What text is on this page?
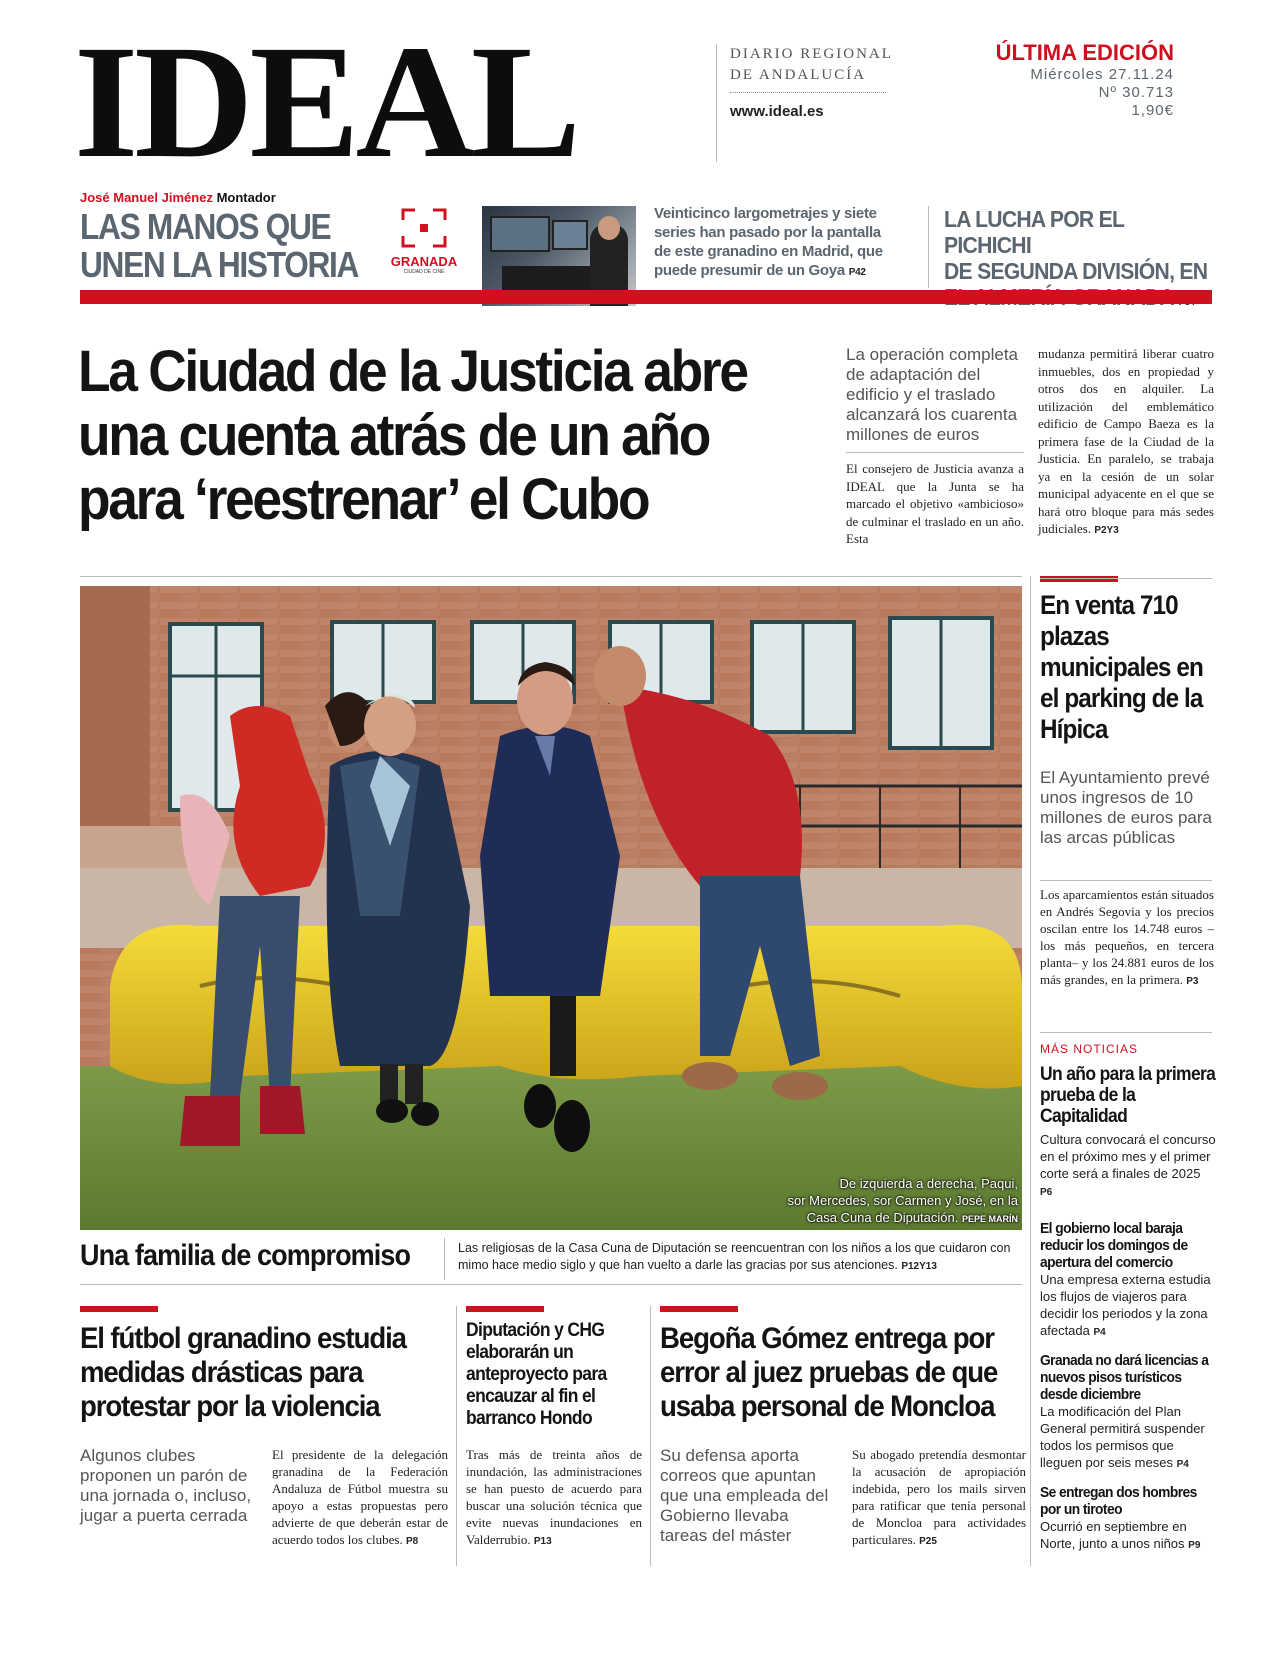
IDEAL	DIARIO REGIONAL
DE ANDALUCÍA
www.ideal.es
ÚLTIMA EDICIÓN
Miércoles 27.11.24
Nº 30.713
1,90€
José Manuel Jiménez Montador
LAS MANOS QUE
UNEN LA HISTORIA	GRANADA
CIUDAD DE CINE
Veinticinco largometrajes y siete series han pasado por la pantalla de este granadino en Madrid, que puede presumir de un Goya P42
LA LUCHA POR EL PICHICHI
DE SEGUNDA DIVISIÓN, EN
La Ciudad de la Justicia abre
una cuenta atrás de un año
para ‘reestrenar’ el Cubo
La operación completa de adaptación del edificio y el traslado alcanzará los cuarenta millones de euros
El consejero de Justicia avanza a IDEAL que la Junta se ha marcado el objetivo «ambicioso» de culminar el traslado en un año. Esta
mudanza permitirá liberar cuatro inmuebles, dos en propiedad y otros dos en alquiler. La utilización del emblemático edificio de Campo Baeza es la primera fase de la Ciudad de la Justicia. En paralelo, se trabaja ya en la cesión de un solar municipal adyacente en el que se hará otro bloque para más sedes judiciales. P2Y3
De izquierda a derecha, Paqui,
sor Mercedes, sor Carmen y José, en la
Casa Cuna de Diputación. PEPE MARÍN
Una familia de compromiso	Las religiosas de la Casa Cuna de Diputación se reencuentran con los niños a los que cuidaron con mimo hace medio siglo y que han vuelto a darle las gracias por sus atenciones. P12Y13
En venta 710 plazas municipales en el parking de la Hípica
El Ayuntamiento prevé unos ingresos de 10 millones de euros para las arcas públicas
Los aparcamientos están situados en Andrés Segovia y los precios oscilan entre los 14.748 euros –los más pequeños, en tercera planta– y los 24.881 euros de los más grandes, en la primera. P3
MÁS NOTICIAS
Un año para la primera prueba de la Capitalidad
Cultura convocará el concurso en el próximo mes y el primer corte será a finales de 2025 P6
El gobierno local baraja reducir los domingos de apertura del comercio
Una empresa externa estudia los flujos de viajeros para decidir los periodos y la zona afectada P4
Granada no dará licencias a nuevos pisos turísticos desde diciembre
La modificación del Plan General permitirá suspender todos los permisos que lleguen por seis meses P4
Se entregan dos hombres por un tiroteo
Ocurrió en septiembre en Norte, junto a unos niños P9
El fútbol granadino estudia medidas drásticas para protestar por la violencia
Algunos clubes proponen un parón de una jornada o, incluso, jugar a puerta cerrada
El presidente de la delegación granadina de la Federación Andaluza de Fútbol muestra su apoyo a estas propuestas pero advierte de que deberán estar de acuerdo todos los clubes. P8
Diputación y CHG elaborarán un anteproyecto para encauzar al fin el barranco Hondo
Tras más de treinta años de inundación, las administraciones se han puesto de acuerdo para buscar una solución técnica que evite nuevas inundaciones en Valderrubio. P13
Begoña Gómez entrega por error al juez pruebas de que usaba personal de Moncloa
Su defensa aporta correos que apuntan que una empleada del Gobierno llevaba tareas del máster
Su abogado pretendía desmontar la acusación de apropiación indebida, pero los mails sirven para ratificar que tenía personal de Moncloa para actividades particulares. P25
